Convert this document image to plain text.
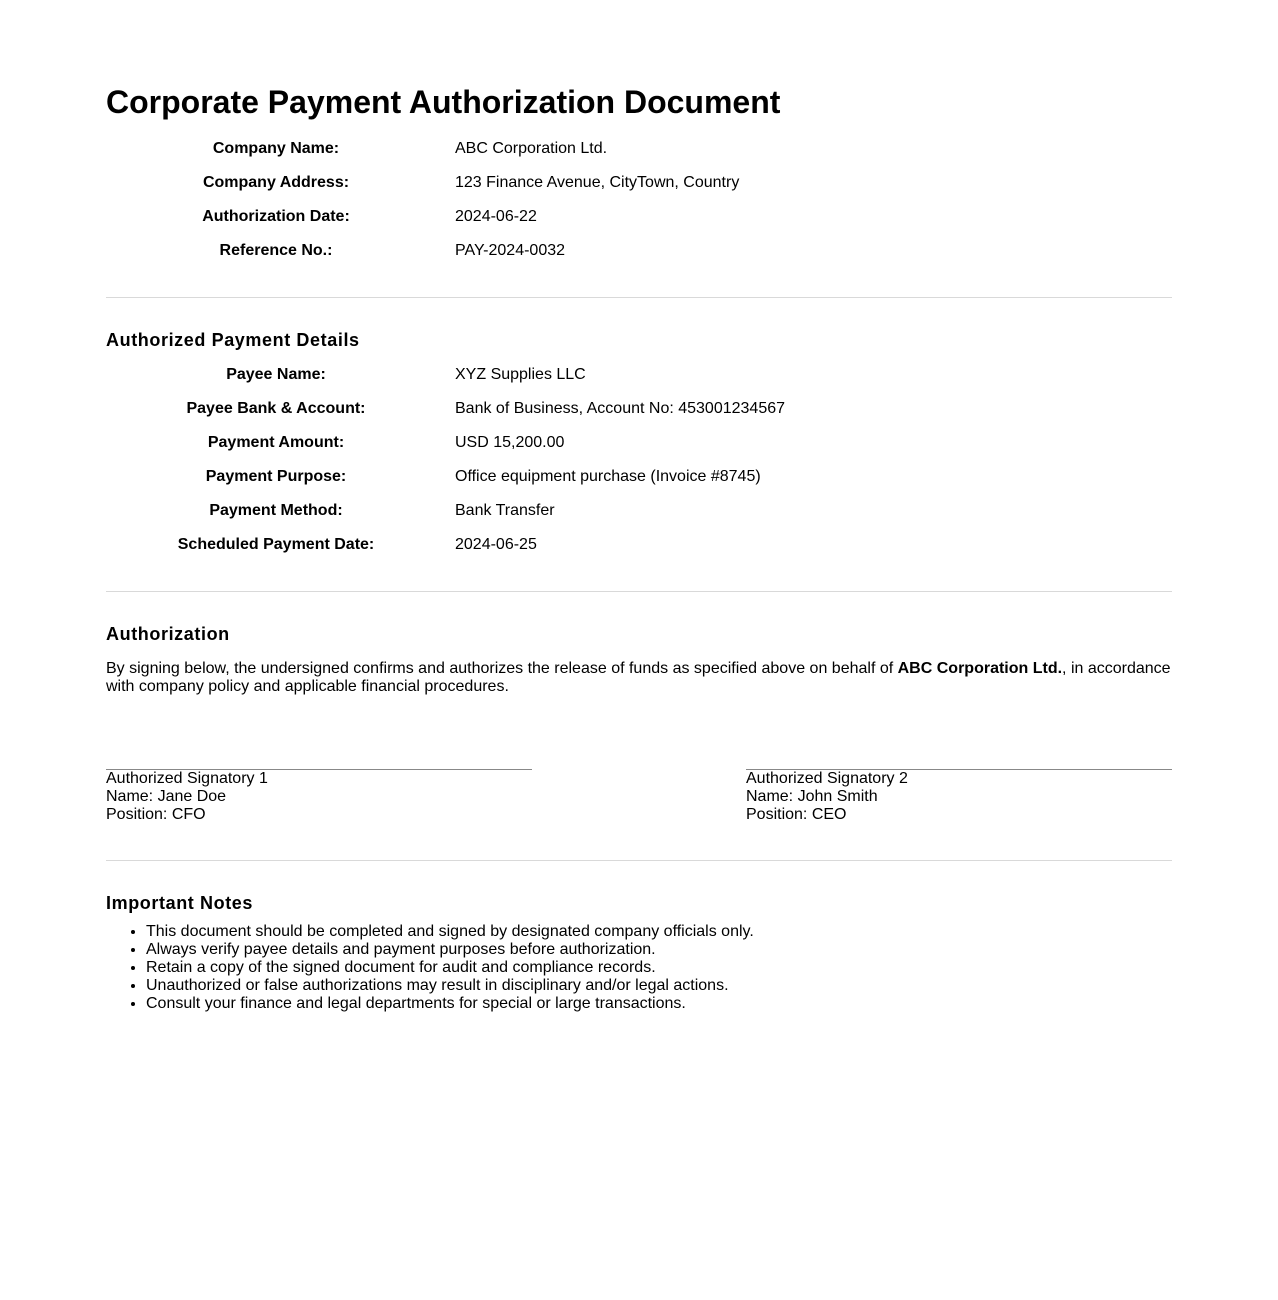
Corporate Payment Authorization Document
Company Name:	ABC Corporation Ltd.
Company Address:	123 Finance Avenue, CityTown, Country
Authorization Date:	2024-06-22
Reference No.:	PAY-2024-0032
Authorized Payment Details
Payee Name:	XYZ Supplies LLC
Payee Bank & Account:	Bank of Business, Account No: 453001234567
Payment Amount:	USD 15,200.00
Payment Purpose:	Office equipment purchase (Invoice #8745)
Payment Method:	Bank Transfer
Scheduled Payment Date:	2024-06-25
Authorization

By signing below, the undersigned confirms and authorizes the release of funds as specified above on behalf of ABC Corporation Ltd., in accordance with company policy and applicable financial procedures.

Authorized Signatory 1
Name: Jane Doe
Position: CFO
Authorized Signatory 2
Name: John Smith
Position: CEO
Important Notes
• This document should be completed and signed by designated company officials only.
• Always verify payee details and payment purposes before authorization.
• Retain a copy of the signed document for audit and compliance records.
• Unauthorized or false authorizations may result in disciplinary and/or legal actions.
• Consult your finance and legal departments for special or large transactions.
